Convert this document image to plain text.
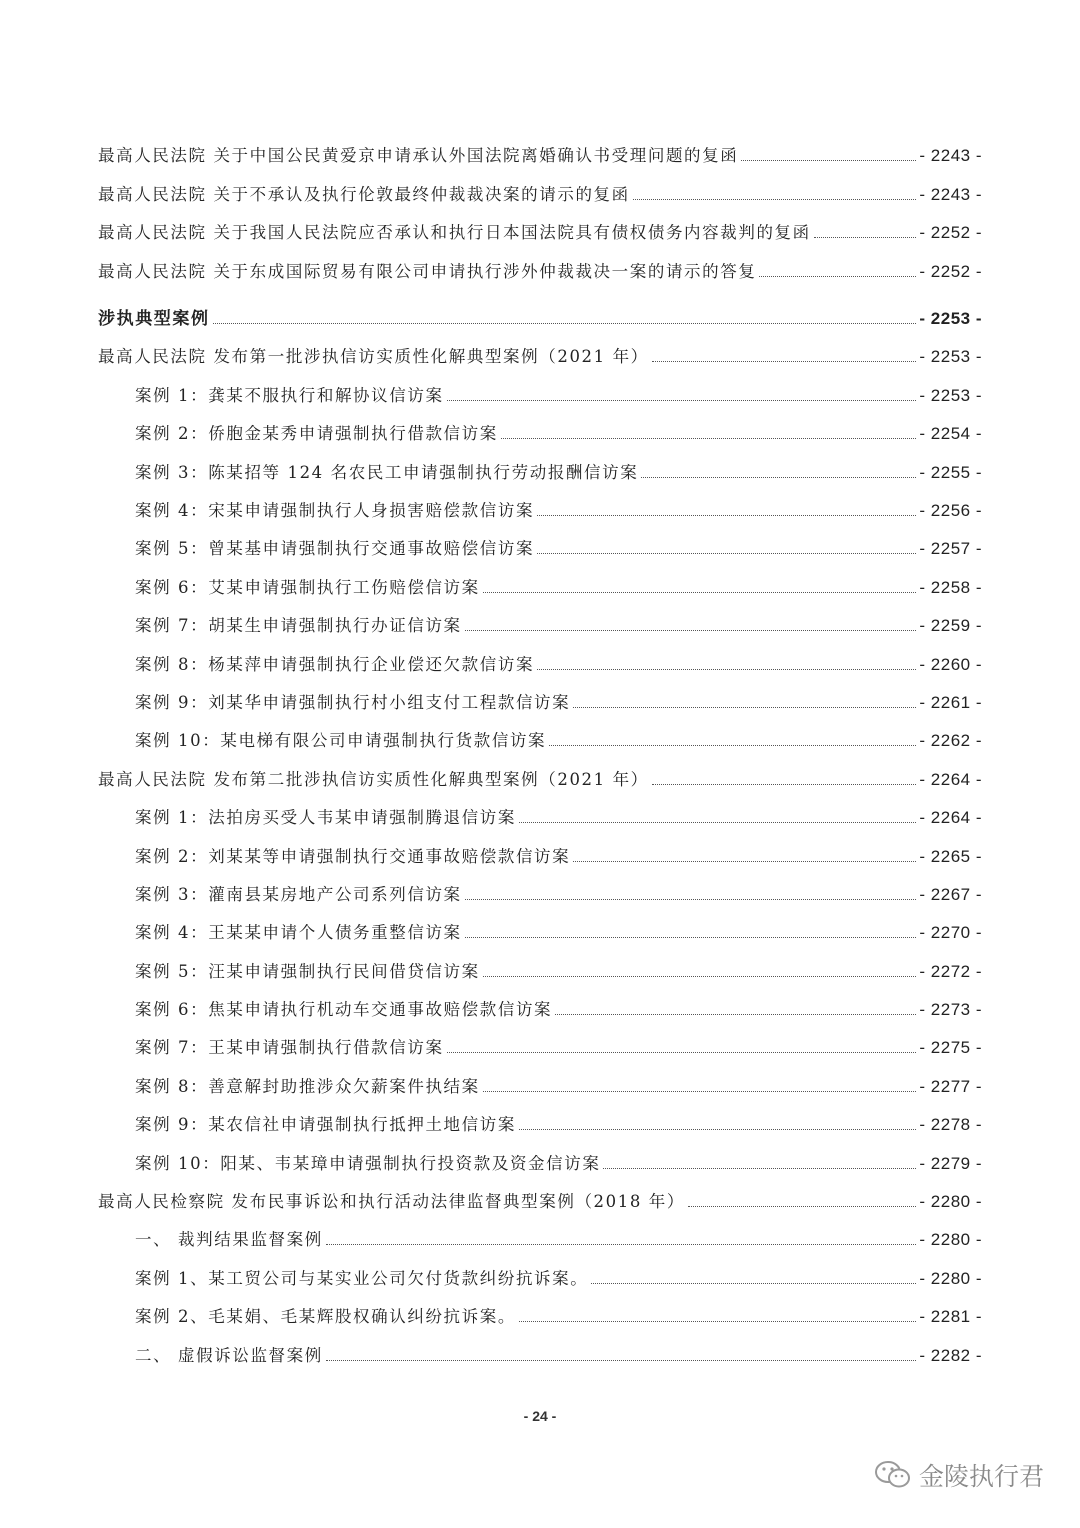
最高人民法院 关于中国公民黄爱京申请承认外国法院离婚确认书受理问题的复函	- 2243 -
最高人民法院 关于不承认及执行伦敦最终仲裁裁决案的请示的复函	- 2243 -
最高人民法院 关于我国人民法院应否承认和执行日本国法院具有债权债务内容裁判的复函	- 2252 -
最高人民法院 关于东成国际贸易有限公司申请执行涉外仲裁裁决一案的请示的答复	- 2252 -
涉执典型案例	- 2253 -
最高人民法院 发布第一批涉执信访实质性化解典型案例（2021 年）	- 2253 -
案例 1：龚某不服执行和解协议信访案	- 2253 -
案例 2：侨胞金某秀申请强制执行借款信访案	- 2254 -
案例 3：陈某招等 124 名农民工申请强制执行劳动报酬信访案	- 2255 -
案例 4：宋某申请强制执行人身损害赔偿款信访案	- 2256 -
案例 5：曾某基申请强制执行交通事故赔偿信访案	- 2257 -
案例 6：艾某申请强制执行工伤赔偿信访案	- 2258 -
案例 7：胡某生申请强制执行办证信访案	- 2259 -
案例 8：杨某萍申请强制执行企业偿还欠款信访案	- 2260 -
案例 9：刘某华申请强制执行村小组支付工程款信访案	- 2261 -
案例 10：某电梯有限公司申请强制执行货款信访案	- 2262 -
最高人民法院 发布第二批涉执信访实质性化解典型案例（2021 年）	- 2264 -
案例 1：法拍房买受人韦某申请强制腾退信访案	- 2264 -
案例 2：刘某某等申请强制执行交通事故赔偿款信访案	- 2265 -
案例 3：灌南县某房地产公司系列信访案	- 2267 -
案例 4：王某某申请个人债务重整信访案	- 2270 -
案例 5：汪某申请强制执行民间借贷信访案	- 2272 -
案例 6：焦某申请执行机动车交通事故赔偿款信访案	- 2273 -
案例 7：王某申请强制执行借款信访案	- 2275 -
案例 8：善意解封助推涉众欠薪案件执结案	- 2277 -
案例 9：某农信社申请强制执行抵押土地信访案	- 2278 -
案例 10：阳某、韦某璋申请强制执行投资款及资金信访案	- 2279 -
最高人民检察院 发布民事诉讼和执行活动法律监督典型案例（2018 年）	- 2280 -
一、 裁判结果监督案例	- 2280 -
案例 1、某工贸公司与某实业公司欠付货款纠纷抗诉案。	- 2280 -
案例 2、毛某娟、毛某辉股权确认纠纷抗诉案。	- 2281 -
二、 虚假诉讼监督案例	- 2282 -
- 24 -
金陵执行君
